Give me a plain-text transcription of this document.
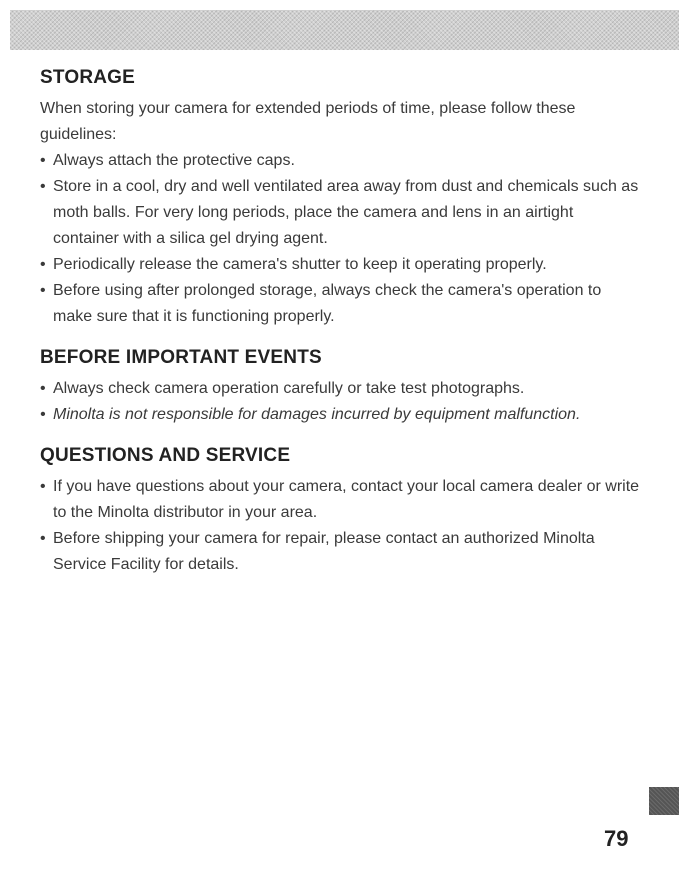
STORAGE

When storing your camera for extended periods of time, please follow these guidelines:

• Always attach the protective caps.
• Store in a cool, dry and well ventilated area away from dust and chemicals such as moth balls. For very long periods, place the camera and lens in an airtight container with a silica gel drying agent.
• Periodically release the camera's shutter to keep it operating properly.
• Before using after prolonged storage, always check the camera's operation to make sure that it is functioning properly.
BEFORE IMPORTANT EVENTS
• Always check camera operation carefully or take test photographs.
• Minolta is not responsible for damages incurred by equipment malfunction.
QUESTIONS AND SERVICE
• If you have questions about your camera, contact your local camera dealer or write to the Minolta distributor in your area.
• Before shipping your camera for repair, please contact an authorized Minolta Service Facility for details.
79
